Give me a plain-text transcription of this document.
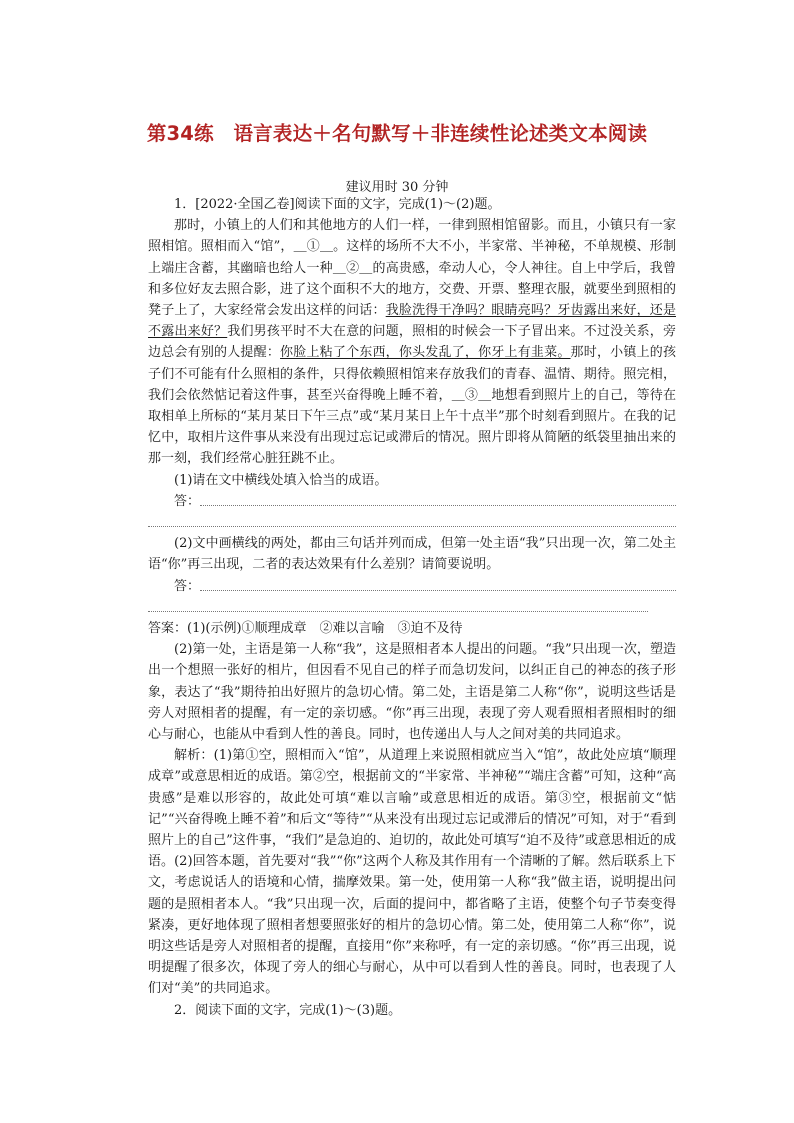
第34练　语言表达＋名句默写＋非连续性论述类文本阅读
建议用时 30 分钟

1．[2022·全国乙卷]阅读下面的文字，完成(1)～(2)题。

那时，小镇上的人们和其他地方的人们一样，一律到照相馆留影。而且，小镇只有一家照相馆。照相而入“馆”，＿①＿。这样的场所不大不小，半家常、半神秘，不单规模、形制上端庄含蓄，其幽暗也给人一种＿②＿的高贵感，牵动人心，令人神往。自上中学后，我曾和多位好友去照合影，进了这个面积不大的地方，交费、开票、整理衣服，就要坐到照相的凳子上了，大家经常会发出这样的问话：我脸洗得干净吗？眼睛亮吗？牙齿露出来好，还是不露出来好？我们男孩平时不大在意的问题，照相的时候会一下子冒出来。不过没关系，旁边总会有别的人提醒：你脸上粘了个东西，你头发乱了，你牙上有韭菜。那时，小镇上的孩子们不可能有什么照相的条件，只得依赖照相馆来存放我们的青春、温情、期待。照完相，我们会依然惦记着这件事，甚至兴奋得晚上睡不着，＿③＿地想看到照片上的自己，等待在取相单上所标的“某月某日下午三点”或“某月某日上午十点半”那个时刻看到照片。在我的记忆中，取相片这件事从来没有出现过忘记或滞后的情况。照片即将从简陋的纸袋里抽出来的那一刻，我们经常心脏狂跳不止。

(1)请在文中横线处填入恰当的成语。

答：

(2)文中画横线的两处，都由三句话并列而成，但第一处主语“我”只出现一次，第二处主语“你”再三出现，二者的表达效果有什么差别？请简要说明。

答：

答案：(1)(示例)①顺理成章　②难以言喻　③迫不及待

(2)第一处，主语是第一人称“我”，这是照相者本人提出的问题。“我”只出现一次，塑造出一个想照一张好的相片，但因看不见自己的样子而急切发问，以纠正自己的神态的孩子形象，表达了“我”期待拍出好照片的急切心情。第二处，主语是第二人称“你”，说明这些话是旁人对照相者的提醒，有一定的亲切感。“你”再三出现，表现了旁人观看照相者照相时的细心与耐心，也能从中看到人性的善良。同时，也传递出人与人之间对美的共同追求。

解析：(1)第①空，照相而入“馆”，从道理上来说照相就应当入“馆”，故此处应填“顺理成章”或意思相近的成语。第②空，根据前文的“半家常、半神秘”“端庄含蓄”可知，这种“高贵感”是难以形容的，故此处可填“难以言喻”或意思相近的成语。第③空，根据前文“惦记”“兴奋得晚上睡不着”和后文“等待”“从来没有出现过忘记或滞后的情况”可知，对于“看到照片上的自己”这件事，“我们”是急迫的、迫切的，故此处可填写“迫不及待”或意思相近的成语。(2)回答本题，首先要对“我”“你”这两个人称及其作用有一个清晰的了解。然后联系上下文，考虑说话人的语境和心情，揣摩效果。第一处，使用第一人称“我”做主语，说明提出问题的是照相者本人。“我”只出现一次，后面的提问中，都省略了主语，使整个句子节奏变得紧凑，更好地体现了照相者想要照张好的相片的急切心情。第二处，使用第二人称“你”，说明这些话是旁人对照相者的提醒，直接用“你”来称呼，有一定的亲切感。“你”再三出现，说明提醒了很多次，体现了旁人的细心与耐心，从中可以看到人性的善良。同时，也表现了人们对“美”的共同追求。

2．阅读下面的文字，完成(1)～(3)题。
